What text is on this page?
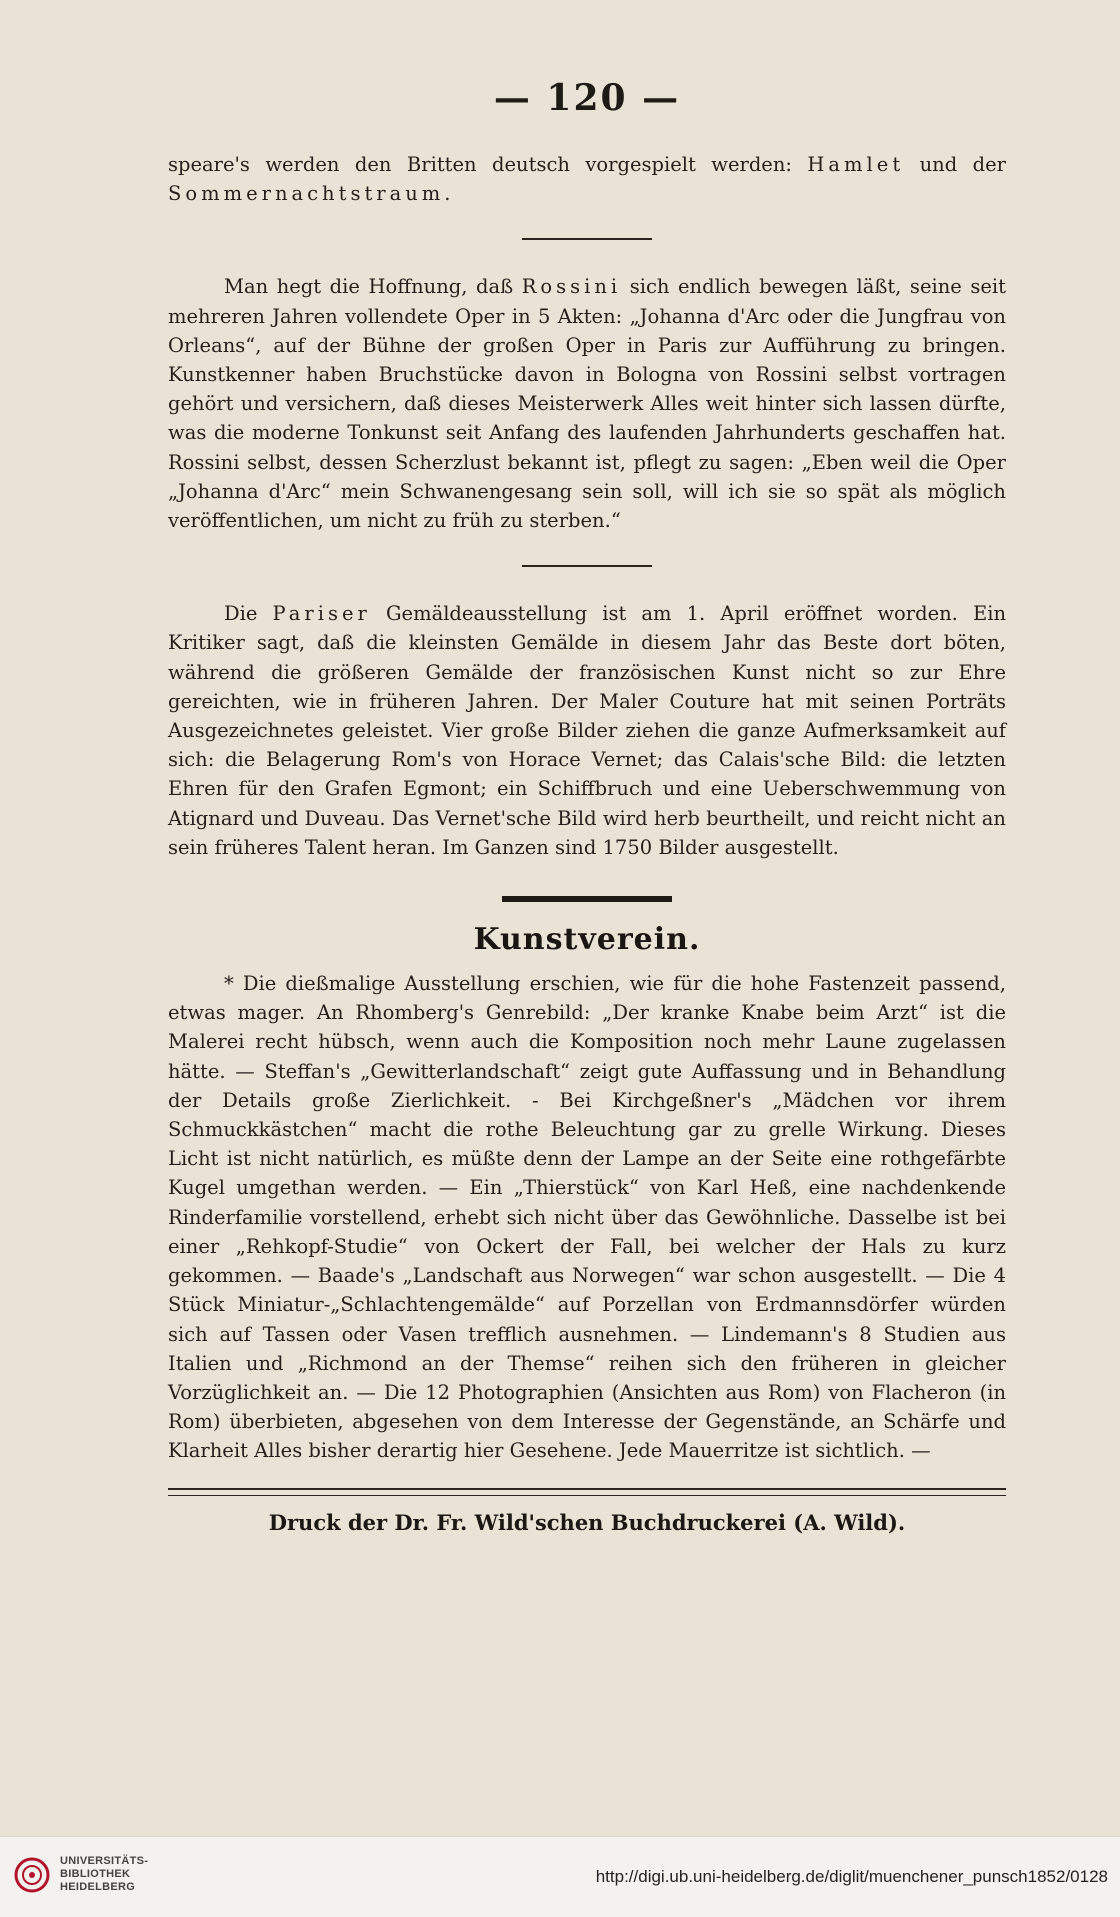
— 120 —

speare's werden den Britten deutsch vorgespielt werden: Hamlet und der Sommernachtstraum.

Man hegt die Hoffnung, daß Rossini sich endlich bewegen läßt, seine seit mehreren Jahren vollendete Oper in 5 Akten: „Johanna d'Arc oder die Jungfrau von Orleans“, auf der Bühne der großen Oper in Paris zur Aufführung zu bringen. Kunstkenner haben Bruchstücke davon in Bologna von Rossini selbst vortragen gehört und versichern, daß dieses Meisterwerk Alles weit hinter sich lassen dürfte, was die moderne Tonkunst seit Anfang des laufenden Jahrhunderts geschaffen hat. Rossini selbst, dessen Scherzlust bekannt ist, pflegt zu sagen: „Eben weil die Oper „Johanna d'Arc“ mein Schwanengesang sein soll, will ich sie so spät als möglich veröffentlichen, um nicht zu früh zu sterben.“

Die Pariser Gemäldeausstellung ist am 1. April eröffnet worden. Ein Kritiker sagt, daß die kleinsten Gemälde in diesem Jahr das Beste dort böten, während die größeren Gemälde der französischen Kunst nicht so zur Ehre gereichten, wie in früheren Jahren. Der Maler Couture hat mit seinen Porträts Ausgezeichnetes geleistet. Vier große Bilder ziehen die ganze Aufmerksamkeit auf sich: die Belagerung Rom's von Horace Vernet; das Calais'sche Bild: die letzten Ehren für den Grafen Egmont; ein Schiffbruch und eine Ueberschwemmung von Atignard und Duveau. Das Vernet'sche Bild wird herb beurtheilt, und reicht nicht an sein früheres Talent heran. Im Ganzen sind 1750 Bilder ausgestellt.

Kunstverein.

* Die dießmalige Ausstellung erschien, wie für die hohe Fastenzeit passend, etwas mager. An Rhomberg's Genrebild: „Der kranke Knabe beim Arzt“ ist die Malerei recht hübsch, wenn auch die Komposition noch mehr Laune zugelassen hätte. — Steffan's „Gewitterlandschaft“ zeigt gute Auffassung und in Behandlung der Details große Zierlichkeit. - Bei Kirchgeßner's „Mädchen vor ihrem Schmuckkästchen“ macht die rothe Beleuchtung gar zu grelle Wirkung. Dieses Licht ist nicht natürlich, es müßte denn der Lampe an der Seite eine rothgefärbte Kugel umgethan werden. — Ein „Thierstück“ von Karl Heß, eine nachdenkende Rinderfamilie vorstellend, erhebt sich nicht über das Gewöhnliche. Dasselbe ist bei einer „Rehkopf-Studie“ von Ockert der Fall, bei welcher der Hals zu kurz gekommen. — Baade's „Landschaft aus Norwegen“ war schon ausgestellt. — Die 4 Stück Miniatur-„Schlachtengemälde“ auf Porzellan von Erdmannsdörfer würden sich auf Tassen oder Vasen trefflich ausnehmen. — Lindemann's 8 Studien aus Italien und „Richmond an der Themse“ reihen sich den früheren in gleicher Vorzüglichkeit an. — Die 12 Photographien (Ansichten aus Rom) von Flacheron (in Rom) überbieten, abgesehen von dem Interesse der Gegenstände, an Schärfe und Klarheit Alles bisher derartig hier Gesehene. Jede Mauerritze ist sichtlich. —

Druck der Dr. Fr. Wild'schen Buchdruckerei (A. Wild).
UNIVERSITÄTS-
BIBLIOTHEK
HEIDELBERG
http://digi.ub.uni-heidelberg.de/diglit/muenchener_punsch1852/0128
